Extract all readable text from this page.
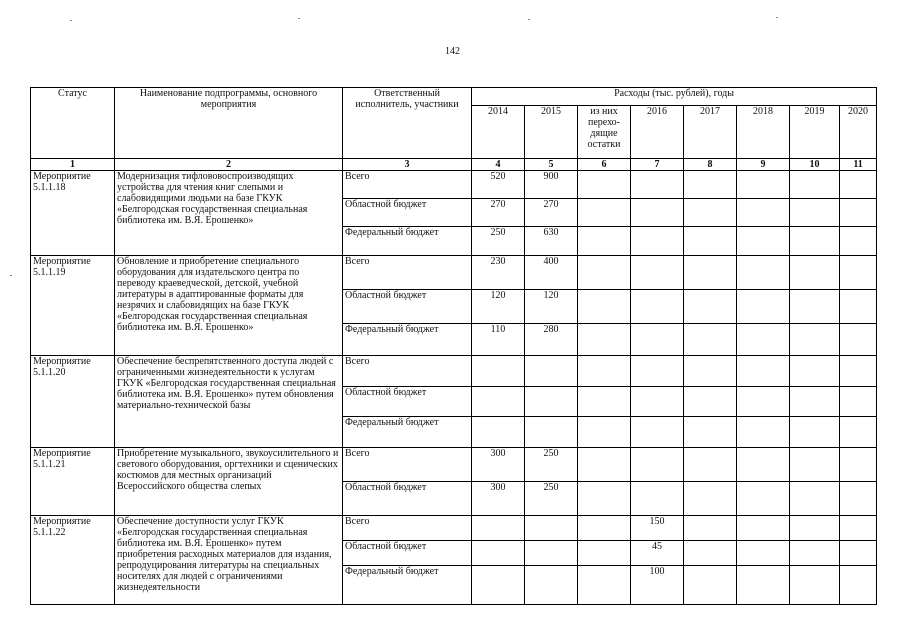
142
Статус	Наименование подпрограммы, основного мероприятия	Ответственный исполнитель, участники	Расходы (тыс. рублей), годы							
			2014	2015	из них перехо-дящие остатки	2016	2017	2018	2019	2020
1	2	3	4	5	6	7	8	9	10	11
Мероприятие 5.1.1.18	Модернизация тифлововоспроизводящих устройства для чтения книг слепыми и слабовидящими людьми на базе ГКУК «Белгородская государственная специальная библиотека им. В.Я. Ерошенко»	Всего	520	900						
		Областной бюджет	270	270						
		Федеральный бюджет	250	630						
Мероприятие 5.1.1.19	Обновление и приобретение специального оборудования для издательского центра по переводу краеведческой, детской, учебной литературы в адаптированные форматы для незрячих и слабовидящих на базе ГКУК «Белгородская государственная специальная библиотека им. В.Я. Ерошенко»	Всего	230	400						
		Областной бюджет	120	120						
		Федеральный бюджет	110	280						
Мероприятие 5.1.1.20	Обеспечение беспрепятственного доступа людей с ограниченными жизнедеятельности к услугам ГКУК «Белгородская государственная специальная библиотека им. В.Я. Ерошенко» путем обновления материально-технической базы	Всего								
		Областной бюджет								
		Федеральный бюджет								
Мероприятие 5.1.1.21	Приобретение музыкального, звукоусилительного и светового оборудования, оргтехники и сценических костюмов для местных организаций Всероссийского общества слепых	Всего	300	250						
		Областной бюджет	300	250						
Мероприятие 5.1.1.22	Обеспечение доступности услуг ГКУК «Белгородская государственная специальная библиотека им. В.Я. Ерошенко» путем приобретения расходных материалов для издания, репродуцирования литературы на специальных носителях для людей с ограничениями жизнедеятельности	Всего				150				
		Областной бюджет				45				
		Федеральный бюджет				100				
